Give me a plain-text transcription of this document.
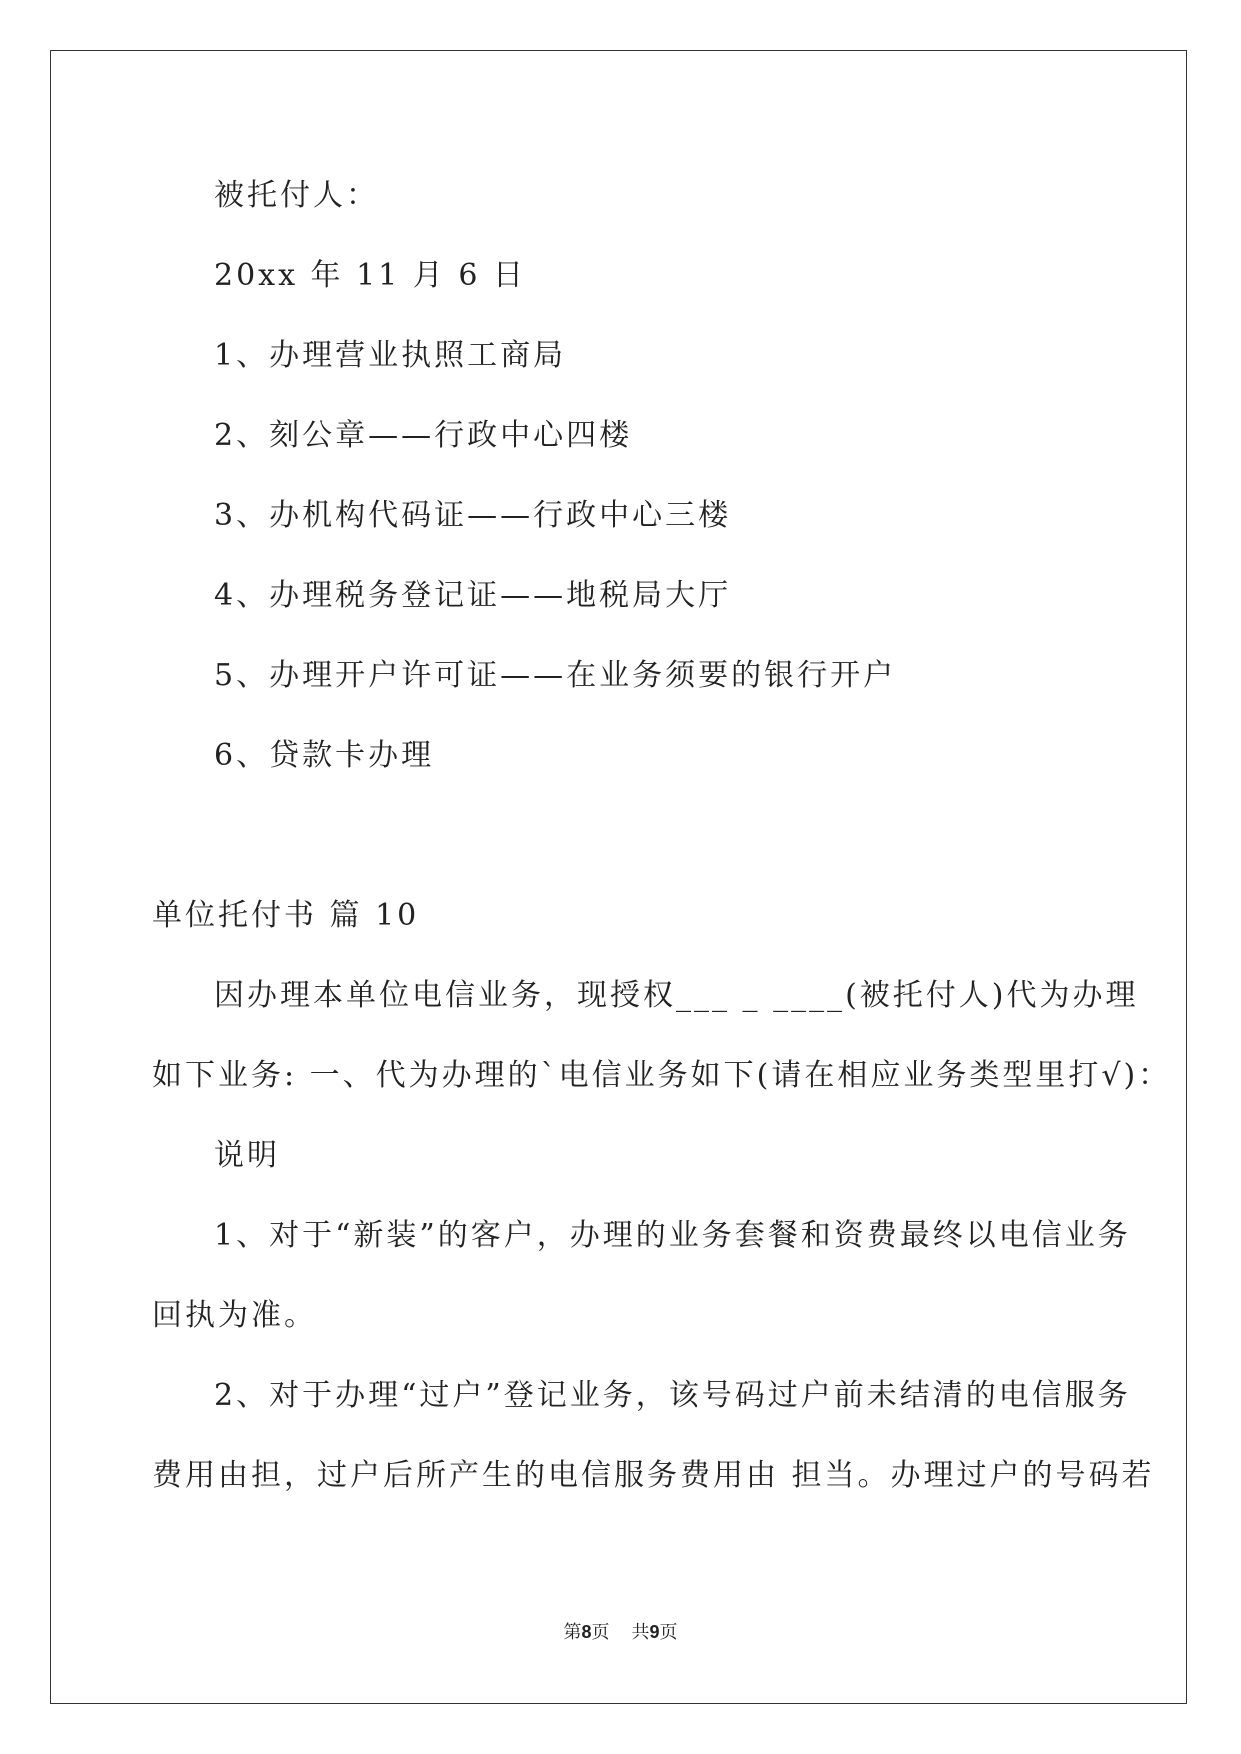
被托付人：
20xx 年 11 月 6 日
1、办理营业执照工商局
2、刻公章——行政中心四楼
3、办机构代码证——行政中心三楼
4、办理税务登记证——地税局大厅
5、办理开户许可证——在业务须要的银行开户
6、贷款卡办理
单位托付书 篇 10
因办理本单位电信业务，现授权___ _ ____(被托付人)代为办理
如下业务: 一、代为办理的`电信业务如下(请在相应业务类型里打√)：
说明
1、对于“新装”的客户，办理的业务套餐和资费最终以电信业务
回执为准。
2、对于办理“过户”登记业务，该号码过户前未结清的电信服务
费用由担，过户后所产生的电信服务费用由 担当。办理过户的号码若
第8页 共9页
